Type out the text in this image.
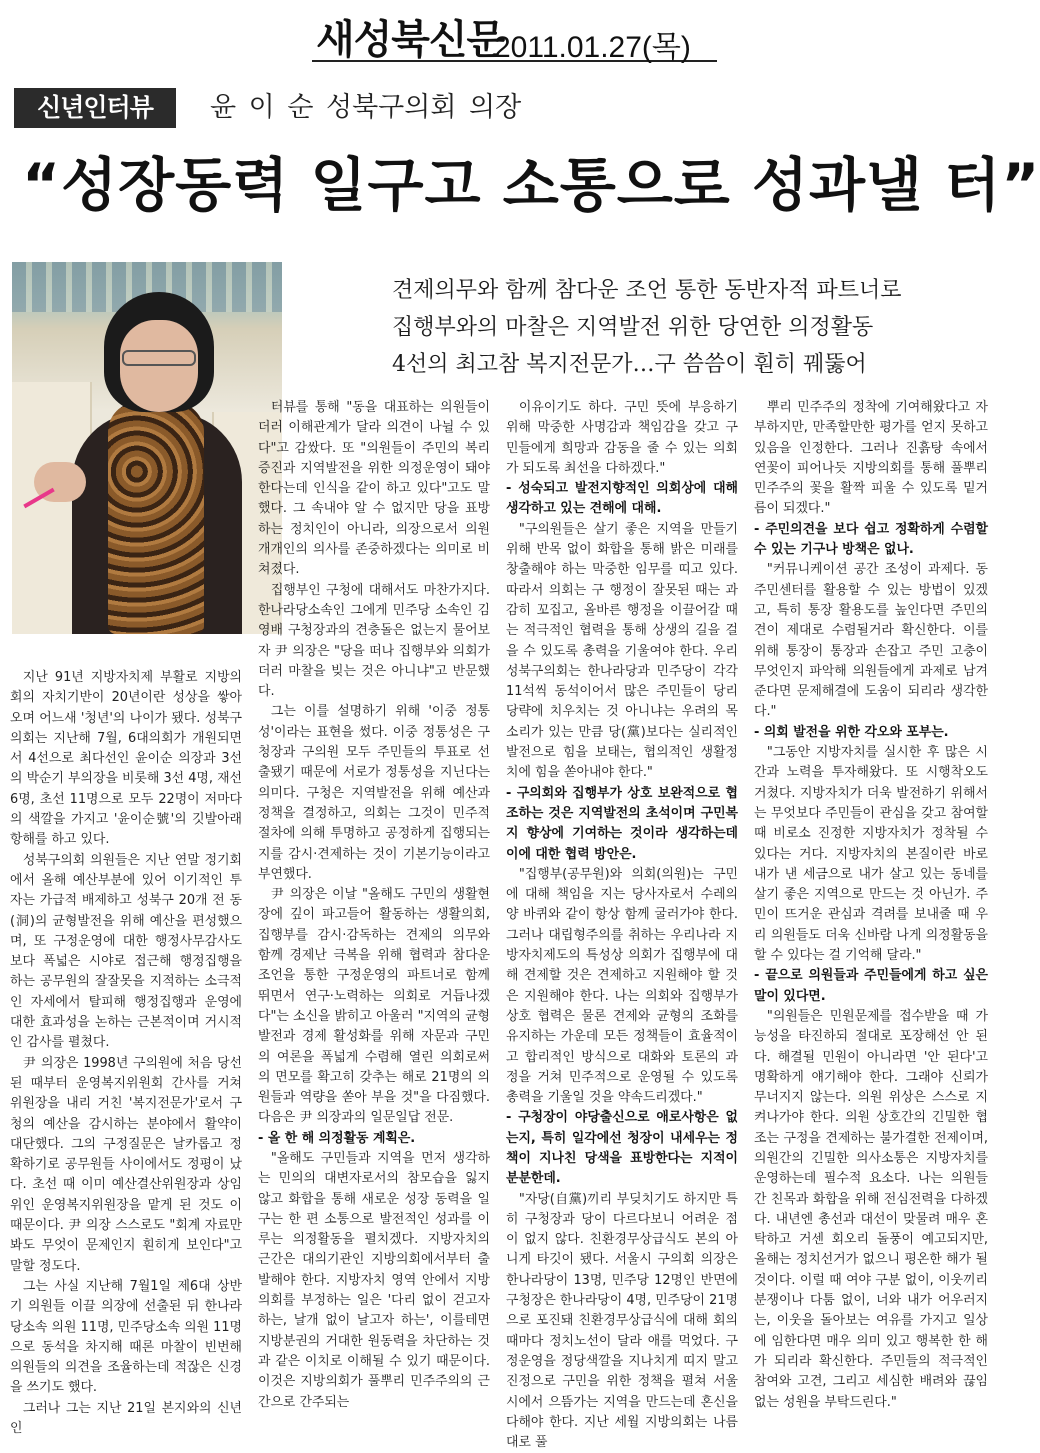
새성북신문
2011.01.27(목)
신년인터뷰	윤 이 순 성북구의회 의장
“성장동력 일구고 소통으로 성과낼 터”
견제의무와 함께 참다운 조언 통한 동반자적 파트너로
집행부와의 마찰은 지역발전 위한 당연한 의정활동
4선의 최고참 복지전문가…구 씀씀이 훤히 꿰뚫어

지난 91년 지방자치제 부활로 지방의회의 자치기반이 20년이란 성상을 쌓아오며 어느새 '청년'의 나이가 됐다. 성북구의회는 지난해 7월, 6대의회가 개원되면서 4선으로 최다선인 윤이순 의장과 3선의 박순기 부의장을 비롯해 3선 4명, 재선 6명, 초선 11명으로 모두 22명이 저마다의 색깔을 가지고 '윤이순號'의 깃발아래 항해를 하고 있다.

성북구의회 의원들은 지난 연말 정기회에서 올해 예산부분에 있어 이기적인 투자는 가급적 배제하고 성북구 20개 전 동(洞)의 균형발전을 위해 예산을 편성했으며, 또 구정운영에 대한 행정사무감사도 보다 폭넓은 시야로 접근해 행정집행을 하는 공무원의 잘잘못을 지적하는 소극적인 자세에서 탈피해 행정집행과 운영에 대한 효과성을 논하는 근본적이며 거시적인 감사를 펼쳤다.

尹 의장은 1998년 구의원에 처음 당선된 때부터 운영복지위원회 간사를 거쳐 위원장을 내리 거친 '복지전문가'로서 구청의 예산을 감시하는 분야에서 활약이 대단했다. 그의 구정질문은 날카롭고 정확하기로 공무원들 사이에서도 정평이 났다. 초선 때 이미 예산결산위원장과 상임위인 운영복지위원장을 맡게 된 것도 이 때문이다. 尹 의장 스스로도 "회계 자료만 봐도 무엇이 문제인지 훤히게 보인다"고 말할 정도다.

그는 사실 지난해 7월1일 제6대 상반기 의원들 이끌 의장에 선출된 뒤 한나라당소속 의원 11명, 민주당소속 의원 11명으로 동석을 차지해 때론 마찰이 빈번해 의원들의 의견을 조율하는데 적잖은 신경을 쓰기도 했다.

그러나 그는 지난 21일 본지와의 신년인

터뷰를 통해 "동을 대표하는 의원들이 더러 이해관계가 달라 의견이 나뉠 수 있다"고 감쌌다. 또 "의원들이 주민의 복리증진과 지역발전을 위한 의정운영이 돼야 한다는데 인식을 같이 하고 있다"고도 말했다. 그 속내야 알 수 없지만 당을 표방하는 정치인이 아니라, 의장으로서 의원 개개인의 의사를 존중하겠다는 의미로 비쳐졌다.

집행부인 구청에 대해서도 마찬가지다. 한나라당소속인 그에게 민주당 소속인 김영배 구청장과의 견충돌은 없는지 물어보자 尹 의장은 "당을 떠나 집행부와 의회가 더러 마찰을 빚는 것은 아니냐"고 반문했다.

그는 이를 설명하기 위해 '이중 정통성'이라는 표현을 썼다. 이중 정통성은 구청장과 구의원 모두 주민들의 투표로 선출됐기 때문에 서로가 정통성을 지닌다는 의미다. 구청은 지역발전을 위해 예산과 정책을 결정하고, 의회는 그것이 민주적 절차에 의해 투명하고 공정하게 집행되는지를 감시·견제하는 것이 기본기능이라고 부연했다.

尹 의장은 이날 "올해도 구민의 생활현장에 깊이 파고들어 활동하는 생활의회, 집행부를 감시·감독하는 견제의 의무와 함께 경제난 극복을 위해 협력과 참다운 조언을 통한 구정운영의 파트너로 함께 뛰면서 연구·노력하는 의회로 거듭나겠다"는 소신을 밝히고 아울러 "지역의 균형발전과 경제 활성화를 위해 자문과 구민의 여론을 폭넓게 수렴해 열린 의회로써의 면모를 확고히 갖추는 해로 21명의 의원들과 역량을 쏟아 부을 것"을 다짐했다. 다음은 尹 의장과의 일문일답 전문.

- 올 한 해 의정활동 계획은.

"올해도 구민들과 지역을 먼저 생각하는 민의의 대변자로서의 참모습을 잃지 않고 화합을 통해 새로운 성장 동력을 일구는 한 편 소통으로 발전적인 성과를 이루는 의정활동을 펼치겠다. 지방자치의 근간은 대의기관인 지방의회에서부터 출발해야 한다. 지방자치 영역 안에서 지방의회를 부정하는 일은 '다리 없이 걷고자 하는, 날개 없이 날고자 하는', 이를테면 지방분권의 거대한 원동력을 차단하는 것과 같은 이치로 이해될 수 있기 때문이다. 이것은 지방의회가 풀뿌리 민주주의의 근간으로 간주되는

이유이기도 하다. 구민 뜻에 부응하기 위해 막중한 사명감과 책임감을 갖고 구민들에게 희망과 감동을 줄 수 있는 의회가 되도록 최선을 다하겠다."

- 성숙되고 발전지향적인 의회상에 대해 생각하고 있는 견해에 대해.

"구의원들은 살기 좋은 지역을 만들기 위해 반목 없이 화합을 통해 밝은 미래를 창출해야 하는 막중한 임무를 띠고 있다. 따라서 의회는 구 행정이 잘못된 때는 과감히 꼬집고, 올바른 행정을 이끌어갈 때는 적극적인 협력을 통해 상생의 길을 걸을 수 있도록 총력을 기울여야 한다. 우리 성북구의회는 한나라당과 민주당이 각각 11석씩 동석이어서 많은 주민들이 당리당략에 치우치는 것 아니냐는 우려의 목소리가 있는 만큼 당(黨)보다는 실리적인 발전으로 힘을 보태는, 협의적인 생활정치에 힘을 쏟아내야 한다."

- 구의회와 집행부가 상호 보완적으로 협조하는 것은 지역발전의 초석이며 구민복지 향상에 기여하는 것이라 생각하는데 이에 대한 협력 방안은.

"집행부(공무원)와 의회(의원)는 구민에 대해 책임을 지는 당사자로서 수레의 양 바퀴와 같이 항상 함께 굴러가야 한다. 그러나 대립형주의를 취하는 우리나라 지방자치제도의 특성상 의회가 집행부에 대해 견제할 것은 견제하고 지원해야 할 것은 지원해야 한다. 나는 의회와 집행부가 상호 협력은 물론 견제와 균형의 조화를 유지하는 가운데 모든 정책들이 효율적이고 합리적인 방식으로 대화와 토론의 과정을 거쳐 민주적으로 운영될 수 있도록 총력을 기울일 것을 약속드리겠다."

- 구청장이 야당출신으로 애로사항은 없는지, 특히 일각에선 청장이 내세우는 정책이 지나친 당색을 표방한다는 지적이 분분한데.

"자당(自黨)끼리 부딪치기도 하지만 특히 구청장과 당이 다르다보니 어려운 점이 없지 않다. 친환경무상급식도 본의 아니게 타깃이 됐다. 서울시 구의회 의장은 한나라당이 13명, 민주당 12명인 반면에 구청장은 한나라당이 4명, 민주당이 21명으로 포진돼 친환경무상급식에 대해 회의 때마다 정치노선이 달라 애를 먹었다. 구정운영을 정당색깔을 지나치게 띠지 말고 진정으로 구민을 위한 정책을 펼쳐 서울시에서 으뜸가는 지역을 만드는데 혼신을 다해야 한다. 지난 세월 지방의회는 나름대로 풀

뿌리 민주주의 정착에 기여해왔다고 자부하지만, 만족할만한 평가를 얻지 못하고 있음을 인정한다. 그러나 진흙탕 속에서 연꽃이 피어나듯 지방의회를 통해 풀뿌리 민주주의 꽃을 활짝 피울 수 있도록 밑거름이 되겠다."

- 주민의견을 보다 쉽고 정확하게 수렴할 수 있는 기구나 방책은 없나.

"커뮤니케이션 공간 조성이 과제다. 동주민센터를 활용할 수 있는 방법이 있겠고, 특히 통장 활용도를 높인다면 주민의 견이 제대로 수렴될거라 확신한다. 이를 위해 통장이 통장과 손잡고 주민 고충이 무엇인지 파악해 의원들에게 과제로 남겨준다면 문제해결에 도움이 되리라 생각한다."

- 의회 발전을 위한 각오와 포부는.

"그동안 지방자치를 실시한 후 많은 시간과 노력을 투자해왔다. 또 시행착오도 거쳤다. 지방자치가 더욱 발전하기 위해서는 무엇보다 주민들이 관심을 갖고 참여할 때 비로소 진정한 지방자치가 정착될 수 있다는 거다. 지방자치의 본질이란 바로 내가 낸 세금으로 내가 살고 있는 동네를 살기 좋은 지역으로 만드는 것 아닌가. 주민이 뜨거운 관심과 격려를 보내줄 때 우리 의원들도 더욱 신바람 나게 의정활동을 할 수 있다는 걸 기억해 달라."

- 끝으로 의원들과 주민들에게 하고 싶은 말이 있다면.

"의원들은 민원문제를 접수받을 때 가능성을 타진하되 절대로 포장해선 안 된다. 해결될 민원이 아니라면 '안 된다'고 명확하게 얘기해야 한다. 그래야 신뢰가 무너지지 않는다. 의원 위상은 스스로 지켜나가야 한다. 의원 상호간의 긴밀한 협조는 구정을 견제하는 불가결한 전제이며, 의원간의 긴밀한 의사소통은 지방자치를 운영하는데 필수적 요소다. 나는 의원들 간 친목과 화합을 위해 전심전력을 다하겠다. 내년엔 총선과 대선이 맞물려 매우 혼탁하고 거센 회오리 돌풍이 예고되지만, 올해는 정치선거가 없으니 평온한 해가 될 것이다. 이럴 때 여야 구분 없이, 이웃끼리 분쟁이나 다툼 없이, 너와 내가 어우러지는, 이웃을 돌아보는 여유를 가지고 일상에 임한다면 매우 의미 있고 행복한 한 해가 되리라 확신한다. 주민들의 적극적인 참여와 고견, 그리고 세심한 배려와 끊임없는 성원을 부탁드린다."
